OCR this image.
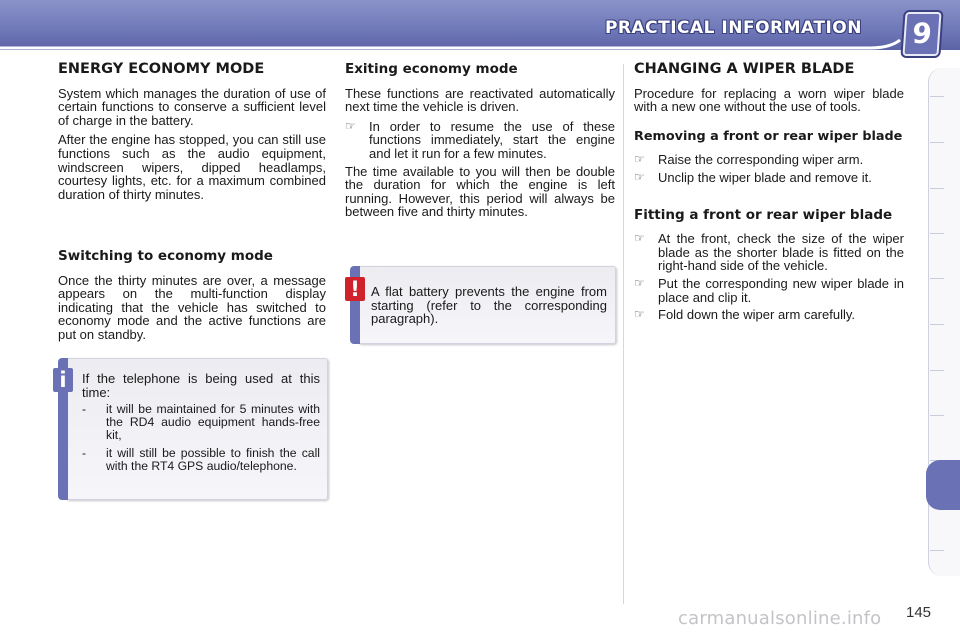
PRACTICAL INFORMATION	9
ENERGY ECONOMY MODE

System which manages the duration of use of certain functions to conserve a sufficient level of charge in the battery.

After the engine has stopped, you can still use functions such as the audio equipment, windscreen wipers, dipped headlamps, courtesy lights, etc. for a maximum combined duration of thirty minutes.

Switching to economy mode

Once the thirty minutes are over, a message appears on the multi-function display indicating that the vehicle has switched to economy mode and the active functions are put on standby.

i	If the telephone is being used at this time:

-	it will be maintained for 5 minutes with the RD4 audio equipment hands-free kit,
-	it will still be possible to finish the call with the RT4 GPS audio/telephone.
Exiting economy mode

These functions are reactivated automatically next time the vehicle is driven.

☞	In order to resume the use of these functions immediately, start the engine and let it run for a few minutes.

The time available to you will then be double the duration for which the engine is left running. However, this period will always be between five and thirty minutes.

! A flat battery prevents the engine from starting (refer to the corresponding paragraph).

CHANGING A WIPER BLADE

Procedure for replacing a worn wiper blade with a new one without the use of tools.

Removing a front or rear wiper blade
☞	Raise the corresponding wiper arm.
☞	Unclip the wiper blade and remove it.
Fitting a front or rear wiper blade
☞	At the front, check the size of the wiper blade as the shorter blade is fitted on the right-hand side of the vehicle.
☞	Put the corresponding new wiper blade in place and clip it.
☞	Fold down the wiper arm carefully.
carmanualsonline.info 145
